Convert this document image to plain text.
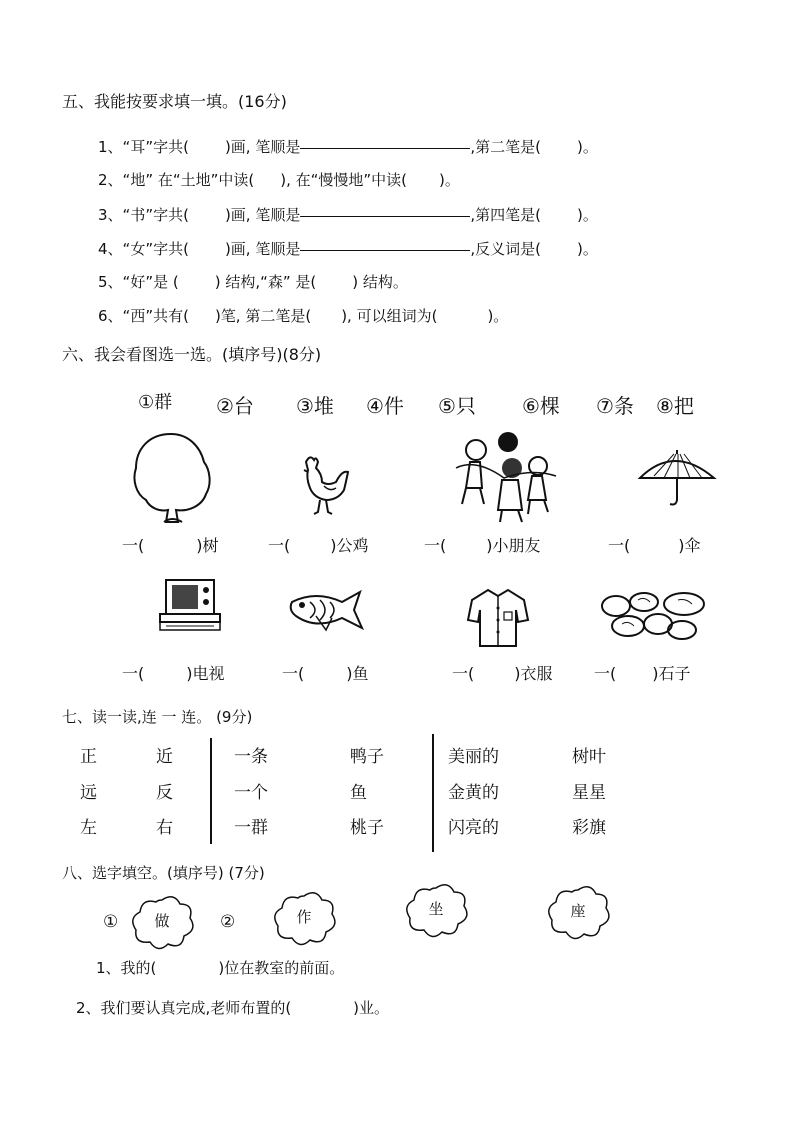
五、我能按要求填一填。(16分)
1、“耳”字共( )画, 笔顺是	,第二笔是( )。
2、“地” 在“土地”中读( ), 在“慢慢地”中读( )。
3、“书”字共( )画, 笔顺是	,第四笔是( )。
4、“女”字共( )画, 笔顺是	,反义词是( )。
5、“好”是 ( ) 结构,“森” 是( ) 结构。
6、“西”共有( )笔, 第二笔是( ), 可以组词为(	)。
六、我会看图选一选。(填序号)(8分)
①群 ②台 ③堆 ④件 ⑤只 ⑥棵 ⑦条 ⑧把
一(	)树	一(	)公鸡	一(	)小朋友	一(	)伞
一(	)电视	一(	)鱼	一(	)衣服	一( )石子
七、读一读,连 一 连。 (9分)
正	近
远	反
左	右
一条	鸭子
一个	鱼
一群	桃子
美丽的	树叶
金黄的	星星
闪亮的	彩旗
八、选字填空。(填序号) (7分)
①	②
做	作	坐	座
1、我的(	)位在教室的前面。
2、我们要认真完成,老师布置的(	)业。
